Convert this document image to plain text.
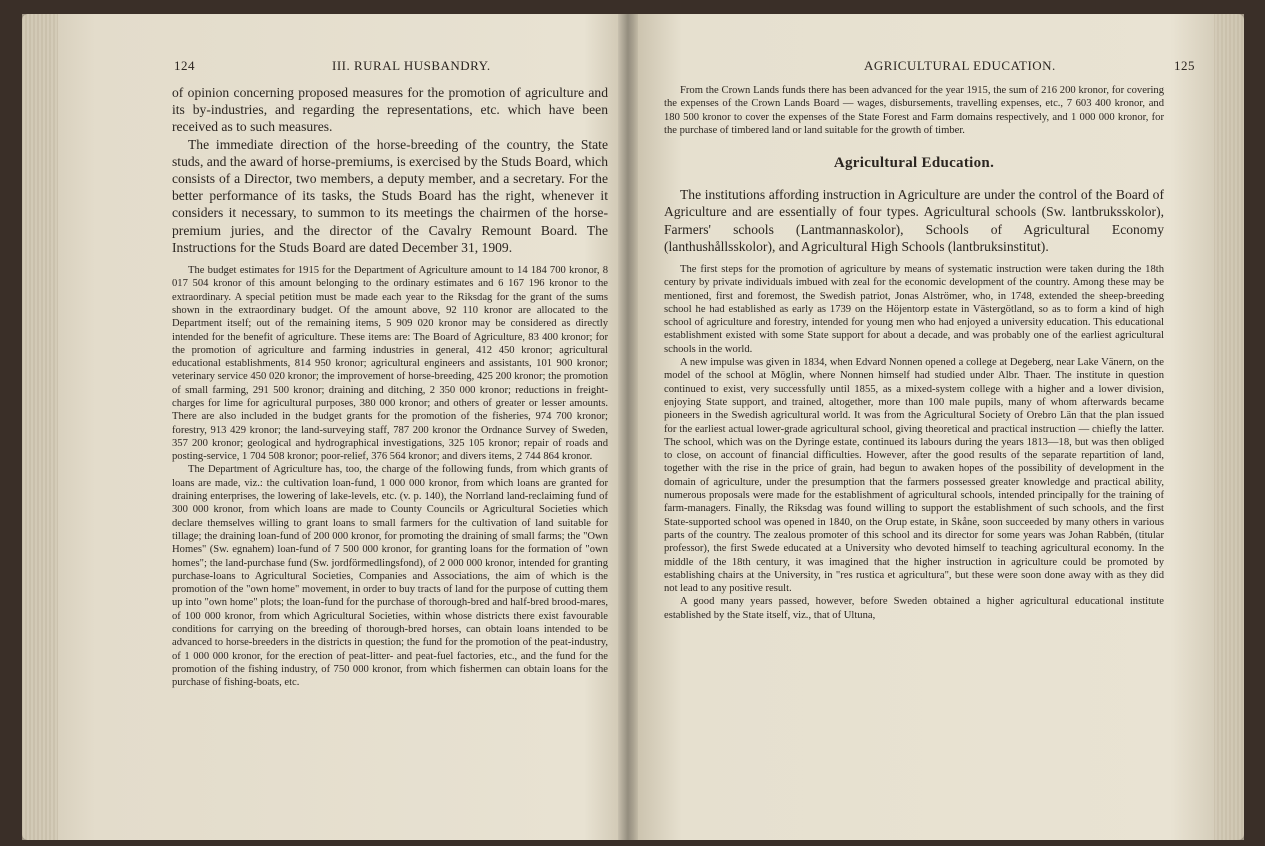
124	III. RURAL HUSBANDRY.

of opinion concerning proposed measures for the promotion of agriculture and its by-industries, and regarding the representations, etc. which have been received as to such measures.

The immediate direction of the horse-breeding of the country, the State studs, and the award of horse-premiums, is exercised by the Studs Board, which consists of a Director, two members, a deputy member, and a secretary. For the better performance of its tasks, the Studs Board has the right, whenever it considers it necessary, to summon to its meetings the chairmen of the horse-premium juries, and the director of the Cavalry Remount Board. The Instructions for the Studs Board are dated December 31, 1909.

The budget estimates for 1915 for the Department of Agriculture amount to 14 184 700 kronor, 8 017 504 kronor of this amount belonging to the ordinary estimates and 6 167 196 kronor to the extraordinary. A special petition must be made each year to the Riksdag for the grant of the sums shown in the extraordinary budget. Of the amount above, 92 110 kronor are allocated to the Department itself; out of the remaining items, 5 909 020 kronor may be considered as directly intended for the benefit of agriculture. These items are: The Board of Agriculture, 83 400 kronor; for the promotion of agriculture and farming industries in general, 412 450 kronor; agricultural educational establishments, 814 950 kronor; agricultural engineers and assistants, 101 900 kronor; veterinary service 450 020 kronor; the improvement of horse-breeding, 425 200 kronor; the promotion of small farming, 291 500 kronor; draining and ditching, 2 350 000 kronor; reductions in freight-charges for lime for agricultural purposes, 380 000 kronor; and others of greater or lesser amounts. There are also included in the budget grants for the promotion of the fisheries, 974 700 kronor; forestry, 913 429 kronor; the land-surveying staff, 787 200 kronor the Ordnance Survey of Sweden, 357 200 kronor; geological and hydrographical investigations, 325 105 kronor; repair of roads and posting-service, 1 704 508 kronor; poor-relief, 376 564 kronor; and divers items, 2 744 864 kronor.

The Department of Agriculture has, too, the charge of the following funds, from which grants of loans are made, viz.: the cultivation loan-fund, 1 000 000 kronor, from which loans are granted for draining enterprises, the lowering of lake-levels, etc. (v. p. 140), the Norrland land-reclaiming fund of 300 000 kronor, from which loans are made to County Councils or Agricultural Societies which declare themselves willing to grant loans to small farmers for the cultivation of land suitable for tillage; the draining loan-fund of 200 000 kronor, for promoting the draining of small farms; the "Own Homes" (Sw. egnahem) loan-fund of 7 500 000 kronor, for granting loans for the formation of "own homes"; the land-purchase fund (Sw. jordförmedlingsfond), of 2 000 000 kronor, intended for granting purchase-loans to Agricultural Societies, Companies and Associations, the aim of which is the promotion of the "own home" movement, in order to buy tracts of land for the purpose of cutting them up into "own home" plots; the loan-fund for the purchase of thorough-bred and half-bred brood-mares, of 100 000 kronor, from which Agricultural Societies, within whose districts there exist favourable conditions for carrying on the breeding of thorough-bred horses, can obtain loans intended to be advanced to horse-breeders in the districts in question; the fund for the promotion of the peat-industry, of 1 000 000 kronor, for the erection of peat-litter- and peat-fuel factories, etc., and the fund for the promotion of the fishing industry, of 750 000 kronor, from which fishermen can obtain loans for the purchase of fishing-boats, etc.

AGRICULTURAL EDUCATION.	125

From the Crown Lands funds there has been advanced for the year 1915, the sum of 216 200 kronor, for covering the expenses of the Crown Lands Board — wages, disbursements, travelling expenses, etc., 7 603 400 kronor, and 180 500 kronor to cover the expenses of the State Forest and Farm domains respectively, and 1 000 000 kronor, for the purchase of timbered land or land suitable for the growth of timber.

Agricultural Education.

The institutions affording instruction in Agriculture are under the control of the Board of Agriculture and are essentially of four types. Agricultural schools (Sw. lantbruksskolor), Farmers' schools (Lantmannaskolor), Schools of Agricultural Economy (lanthushållsskolor), and Agricultural High Schools (lantbruksinstitut).

The first steps for the promotion of agriculture by means of systematic instruction were taken during the 18th century by private individuals imbued with zeal for the economic development of the country. Among these may be mentioned, first and foremost, the Swedish patriot, Jonas Alströmer, who, in 1748, extended the sheep-breeding school he had established as early as 1739 on the Höjentorp estate in Västergötland, so as to form a kind of high school of agriculture and forestry, intended for young men who had enjoyed a university education. This educational establishment existed with some State support for about a decade, and was probably one of the earliest agricultural schools in the world.

A new impulse was given in 1834, when Edvard Nonnen opened a college at Degeberg, near Lake Vänern, on the model of the school at Möglin, where Nonnen himself had studied under Albr. Thaer. The institute in question continued to exist, very successfully until 1855, as a mixed-system college with a higher and a lower division, enjoying State support, and trained, altogether, more than 100 male pupils, many of whom afterwards became pioneers in the Swedish agricultural world. It was from the Agricultural Society of Orebro Län that the plan issued for the earliest actual lower-grade agricultural school, giving theoretical and practical instruction — chiefly the latter. The school, which was on the Dyringe estate, continued its labours during the years 1813—18, but was then obliged to close, on account of financial difficulties. However, after the good results of the separate repartition of land, together with the rise in the price of grain, had begun to awaken hopes of the possibility of development in the domain of agriculture, under the presumption that the farmers possessed greater knowledge and practical ability, numerous proposals were made for the establishment of agricultural schools, intended principally for the training of farm-managers. Finally, the Riksdag was found willing to support the establishment of such schools, and the first State-supported school was opened in 1840, on the Orup estate, in Skåne, soon succeeded by many others in various parts of the country. The zealous promoter of this school and its director for some years was Johan Rabbén, (titular professor), the first Swede educated at a University who devoted himself to teaching agricultural economy. In the middle of the 18th century, it was imagined that the higher instruction in agriculture could be promoted by establishing chairs at the University, in "res rustica et agricultura", but these were soon done away with as they did not lead to any positive result.

A good many years passed, however, before Sweden obtained a higher agricultural educational institute established by the State itself, viz., that of Ultuna,
